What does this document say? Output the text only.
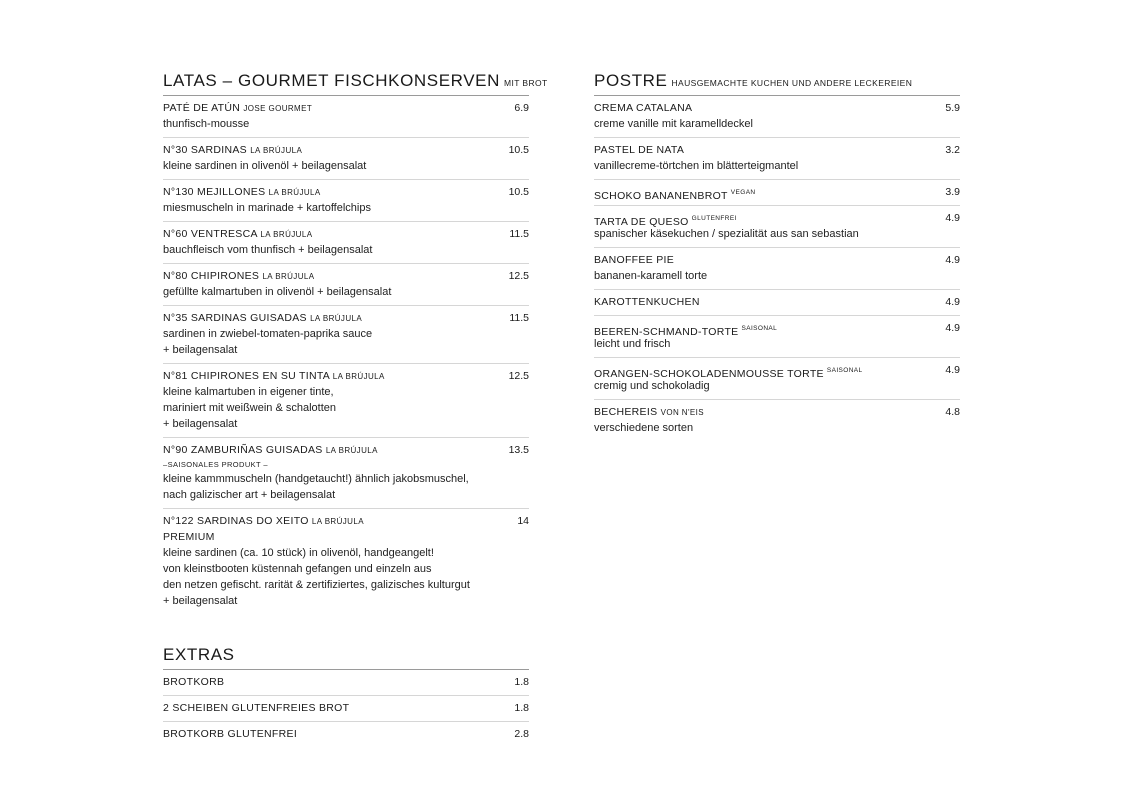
LATAS – GOURMET FISCHKONSERVEN MIT BROT
PATÉ DE ATÚN JOSE GOURMET	6.9
thunfisch-mousse
N°30 SARDINAS LA BRÚJULA	10.5
kleine sardinen in olivenöl + beilagensalat
N°130 MEJILLONES LA BRÚJULA	10.5
miesmuscheln in marinade + kartoffelchips
N°60 VENTRESCA LA BRÚJULA	11.5
bauchfleisch vom thunfisch + beilagensalat
N°80 CHIPIRONES LA BRÚJULA	12.5
gefüllte kalmartuben in olivenöl + beilagensalat
N°35 SARDINAS GUISADAS LA BRÚJULA	11.5
sardinen in zwiebel-tomaten-paprika sauce
+ beilagensalat
N°81 CHIPIRONES EN SU TINTA LA BRÚJULA	12.5
kleine kalmartuben in eigener tinte,
mariniert mit weißwein & schalotten
+ beilagensalat
N°90 ZAMBURIÑAS GUISADAS LA BRÚJULA	13.5
–SAISONALES PRODUKT –
kleine kammmuscheln (handgetaucht!) ähnlich jakobsmuschel,
nach galizischer art + beilagensalat
N°122 SARDINAS DO XEITO LA BRÚJULA	14
PREMIUM
kleine sardinen (ca. 10 stück) in olivenöl, handgeangelt!
von kleinstbooten küstennah gefangen und einzeln aus
den netzen gefischt. rarität & zertifiziertes, galizisches kulturgut
+ beilagensalat
EXTRAS
BROTKORB	1.8
2 SCHEIBEN GLUTENFREIES BROT	1.8
BROTKORB GLUTENFREI	2.8
POSTRE HAUSGEMACHTE KUCHEN UND ANDERE LECKEREIEN
CREMA CATALANA	5.9
creme vanille mit karamelldeckel
PASTEL DE NATA	3.2
vanillecreme-törtchen im blätterteigmantel
SCHOKO BANANENBROT $^{VEGAN}$	3.9
TARTA DE QUESO $^{GLUTENFREI}$	4.9
spanischer käsekuchen / spezialität aus san sebastian
BANOFFEE PIE	4.9
bananen-karamell torte
KAROTTENKUCHEN	4.9
BEEREN-SCHMAND-TORTE $^{SAISONAL}$	4.9
leicht und frisch
ORANGEN-SCHOKOLADENMOUSSE TORTE $^{SAISONAL}$	4.9
cremig und schokoladig
BECHEREIS VON N'EIS	4.8
verschiedene sorten
